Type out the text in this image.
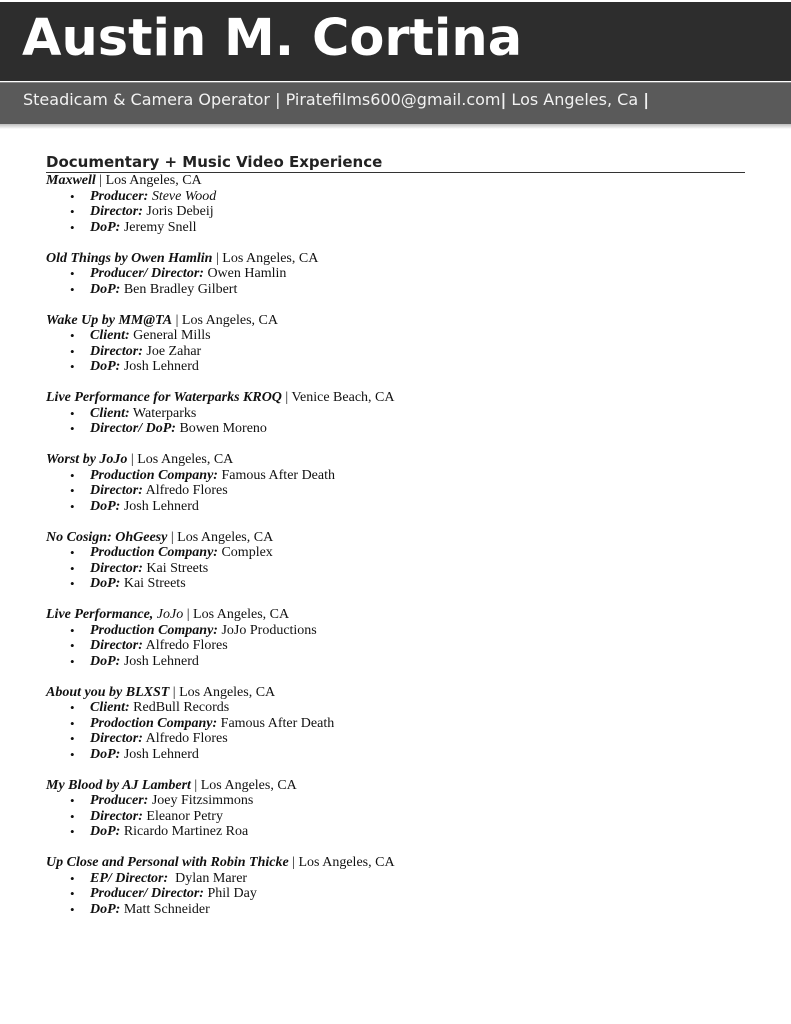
Austin M. Cortina
Steadicam & Camera Operator | Piratefilms600@gmail.com| Los Angeles, Ca |
Documentary + Music Video Experience
Maxwell | Los Angeles, CA
• Producer: Steve Wood
• Director: Joris Debeij
• DoP: Jeremy Snell
Old Things by Owen Hamlin | Los Angeles, CA
• Producer/ Director: Owen Hamlin
• DoP: Ben Bradley Gilbert
Wake Up by MM@TA | Los Angeles, CA
• Client: General Mills
• Director: Joe Zahar
• DoP: Josh Lehnerd
Live Performance for Waterparks KROQ | Venice Beach, CA
• Client: Waterparks
• Director/ DoP: Bowen Moreno
Worst by JoJo | Los Angeles, CA
• Production Company: Famous After Death
• Director: Alfredo Flores
• DoP: Josh Lehnerd
No Cosign: OhGeesy | Los Angeles, CA
• Production Company: Complex
• Director: Kai Streets
• DoP: Kai Streets
Live Performance, JoJo | Los Angeles, CA
• Production Company: JoJo Productions
• Director: Alfredo Flores
• DoP: Josh Lehnerd
About you by BLXST | Los Angeles, CA
• Client: RedBull Records
• Prodoction Company: Famous After Death
• Director: Alfredo Flores
• DoP: Josh Lehnerd
My Blood by AJ Lambert | Los Angeles, CA
• Producer: Joey Fitzsimmons
• Director: Eleanor Petry
• DoP: Ricardo Martinez Roa
Up Close and Personal with Robin Thicke | Los Angeles, CA
• EP/ Director:  Dylan Marer
• Producer/ Director: Phil Day
• DoP: Matt Schneider
